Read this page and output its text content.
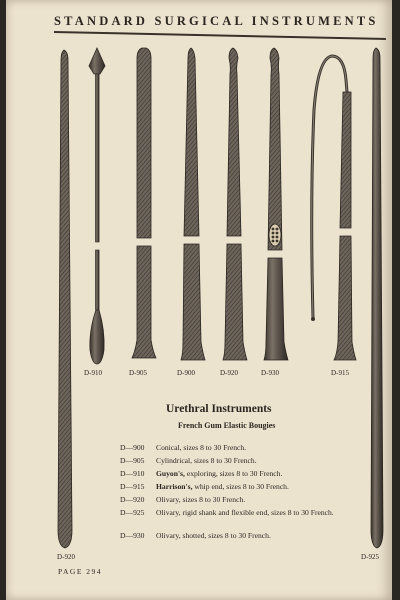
STANDARD SURGICAL INSTRUMENTS
D-910	D-905	D-900	D-920	D-930	D-915
D-920	D-925
Urethral Instruments
French Gum Elastic Bougies
D—900	Conical, sizes 8 to 30 French.
D—905	Cylindrical, sizes 8 to 30 French.
D—910	Guyon's, exploring, sizes 8 to 30 French.
D—915	Harrison's, whip end, sizes 8 to 30 French.
D—920	Olivary, sizes 8 to 30 French.
D—925	Olivary, rigid shank and flexible end, sizes 8 to 30 French.
D—930	Olivary, shotted, sizes 8 to 30 French.
PAGE 294
